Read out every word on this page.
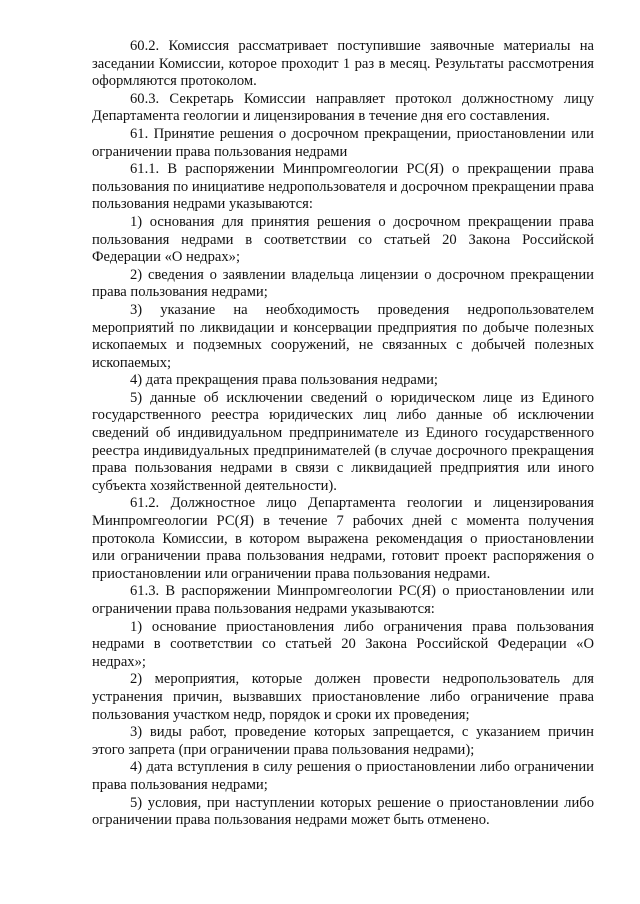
60.2. Комиссия рассматривает поступившие заявочные материалы на заседании Комиссии, которое проходит 1 раз в месяц. Результаты рассмотрения оформляются протоколом.

60.3. Секретарь Комиссии направляет протокол должностному лицу Департамента геологии и лицензирования в течение дня его составления.

61. Принятие решения о досрочном прекращении, приостановлении или ограничении права пользования недрами

61.1. В распоряжении Минпромгеологии РС(Я) о прекращении права пользования по инициативе недропользователя и досрочном прекращении права пользования недрами указываются:

1) основания для принятия решения о досрочном прекращении права пользования недрами в соответствии со статьей 20 Закона Российской Федерации «О недрах»;

2) сведения о заявлении владельца лицензии о досрочном прекращении права пользования недрами;

3) указание на необходимость проведения недропользователем мероприятий по ликвидации и консервации предприятия по добыче полезных ископаемых и подземных сооружений, не связанных с добычей полезных ископаемых;

4) дата прекращения права пользования недрами;

5) данные об исключении сведений о юридическом лице из Единого государственного реестра юридических лиц либо данные об исключении сведений об индивидуальном предпринимателе из Единого государственного реестра индивидуальных предпринимателей (в случае досрочного прекращения права пользования недрами в связи с ликвидацией предприятия или иного субъекта хозяйственной деятельности).

61.2. Должностное лицо Департамента геологии и лицензирования Минпромгеологии РС(Я) в течение 7 рабочих дней с момента получения протокола Комиссии, в котором выражена рекомендация о приостановлении или ограничении права пользования недрами, готовит проект распоряжения о приостановлении или ограничении права пользования недрами.

61.3. В распоряжении Минпромгеологии РС(Я) о приостановлении или ограничении права пользования недрами указываются:

1) основание приостановления либо ограничения права пользования недрами в соответствии со статьей 20 Закона Российской Федерации «О недрах»;

2) мероприятия, которые должен провести недропользователь для устранения причин, вызвавших приостановление либо ограничение права пользования участком недр, порядок и сроки их проведения;

3) виды работ, проведение которых запрещается, с указанием причин этого запрета (при ограничении права пользования недрами);

4) дата вступления в силу решения о приостановлении либо ограничении права пользования недрами;

5) условия, при наступлении которых решение о приостановлении либо ограничении права пользования недрами может быть отменено.
